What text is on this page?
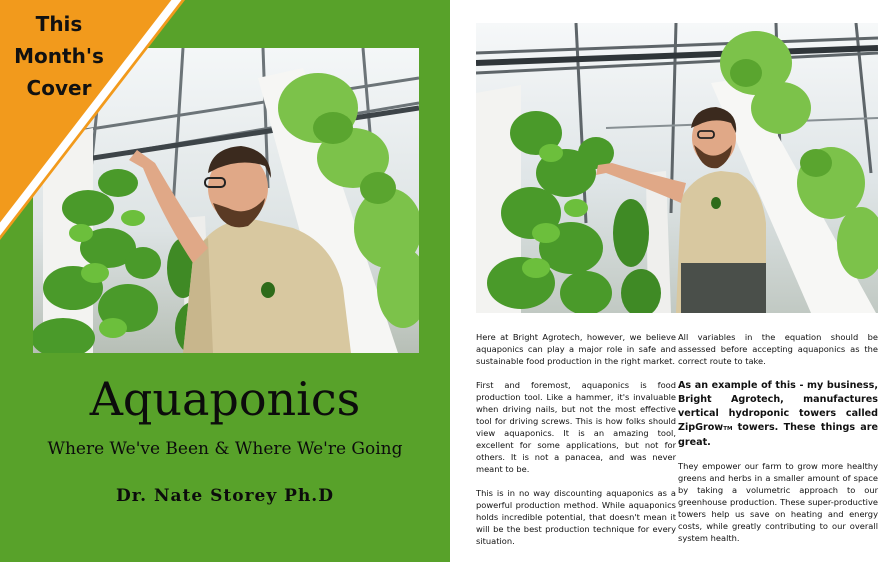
This
Month's
Cover
Aquaponics
Where We've Been & Where We're Going
Dr. Nate Storey Ph.D

Here at Bright Agrotech, however, we believe aquaponics can play a major role in safe and sustainable food production in the right market.

First and foremost, aquaponics is food production tool. Like a hammer, it's invaluable when driving nails, but not the most effective tool for driving screws. This is how folks should view aquaponics. It is an amazing tool, excellent for some applications, but not for others. It is not a panacea, and was never meant to be.

This is in no way discounting aquaponics as a powerful production method. While aquaponics holds incredible potential, that doesn't mean it will be the best production technique for every situation.

All variables in the equation should be assessed before accepting aquaponics as the correct route to take.

As an example of this - my business, Bright Agrotech, manufactures vertical hydroponic towers called ZipGrowTM towers. These things are great.

They empower our farm to grow more healthy greens and herbs in a smaller amount of space by taking a volumetric approach to our greenhouse production. These super-productive towers help us save on heating and energy costs, while greatly contributing to our overall system health.
